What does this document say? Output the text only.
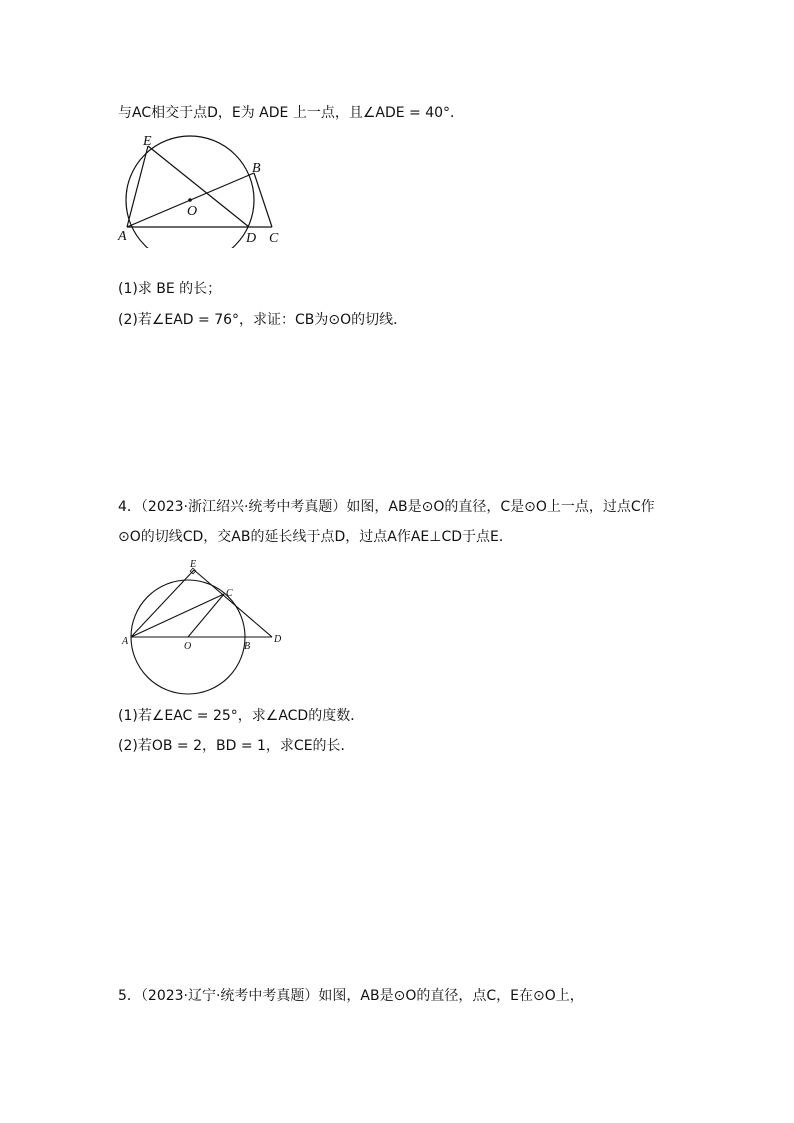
与AC相交于点D，E为 ADE 上一点，且∠ADE = 40°．
E
B
O
A	D C
(1)求 BE 的长；
(2)若∠EAD = 76°，求证：CB为⊙O的切线．
4．（2023·浙江绍兴·统考中考真题）如图，AB是⊙O的直径，C是⊙O上一点，过点C作
⊙O的切线CD，交AB的延长线于点D，过点A作AE⊥CD于点E．
E
C
A	O	B
D
(1)若∠EAC = 25°，求∠ACD的度数．
(2)若OB = 2，BD = 1，求CE的长．
5．（2023·辽宁·统考中考真题）如图，AB是⊙O的直径，点C，E在⊙O上，
